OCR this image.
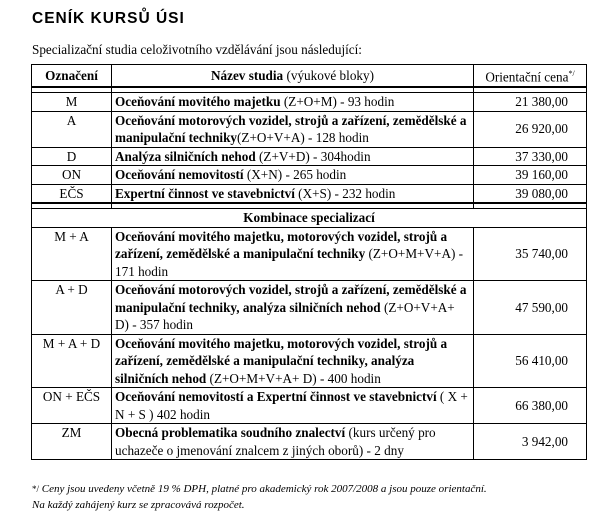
CENÍK KURSŮ ÚSI
Specializační studia celoživotního vzdělávání jsou následující:
Označení	Název studia (výukové bloky)	Orientační cena*/

M	Oceňování movitého majetku (Z+O+M) - 93 hodin	21 380,00
A	Oceňování motorových vozidel, strojů a zařízení, zemědělské a manipulační techniky(Z+O+V+A) - 128 hodin	26 920,00
D	Analýza silničních nehod (Z+V+D) - 304hodin	37 330,00
ON	Oceňování nemovitostí (X+N) - 265 hodin	39 160,00
EČS	Expertní činnost ve stavebnictví (X+S) - 232 hodin	39 080,00

Kombinace specializací		
M + A	Oceňování movitého majetku, motorových vozidel, strojů a zařízení, zemědělské a manipulační techniky (Z+O+M+V+A) - 171 hodin	35 740,00
A + D	Oceňování motorových vozidel, strojů a zařízení, zemědělské a manipulační techniky, analýza silničních nehod (Z+O+V+A+ D) - 357 hodin	47 590,00
M + A + D	Oceňování movitého majetku, motorových vozidel, strojů a zařízení, zemědělské a manipulační techniky, analýza silničních nehod (Z+O+M+V+A+ D) - 400 hodin	56 410,00
ON + EČS	Oceňování nemovitostí a Expertní činnost ve stavebnictví ( X + N + S ) 402 hodin	66 380,00
ZM	Obecná problematika soudního znalectví (kurs určený pro uchazeče o jmenování znalcem z jiných oborů) - 2 dny	3 942,00
*/ Ceny jsou uvedeny včetně 19 % DPH, platné pro akademický rok 2007/2008 a jsou pouze orientační.
Na každý zahájený kurz se zpracovává rozpočet.
